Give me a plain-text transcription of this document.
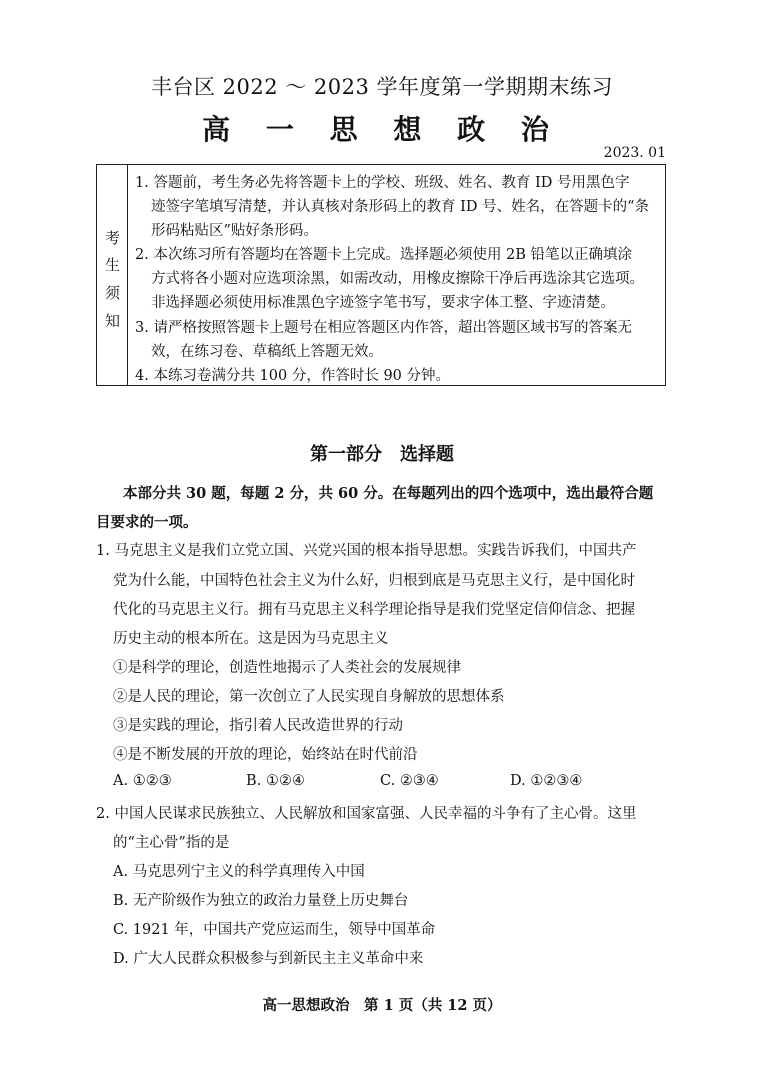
丰台区 2022 ～ 2023 学年度第一学期期末练习
高 一 思 想 政 治
2023. 01
考
生
须
知
1. 答题前，考生务必先将答题卡上的学校、班级、姓名、教育 ID 号用黑色字
迹签字笔填写清楚，并认真核对条形码上的教育 ID 号、姓名，在答题卡的“条
形码粘贴区”贴好条形码。
2. 本次练习所有答题均在答题卡上完成。选择题必须使用 2B 铅笔以正确填涂
方式将各小题对应选项涂黑，如需改动，用橡皮擦除干净后再选涂其它选项。
非选择题必须使用标准黑色字迹签字笔书写，要求字体工整、字迹清楚。
3. 请严格按照答题卡上题号在相应答题区内作答，超出答题区域书写的答案无
效，在练习卷、草稿纸上答题无效。
4. 本练习卷满分共 100 分，作答时长 90 分钟。
第一部分　选择题
本部分共 30 题，每题 2 分，共 60 分。在每题列出的四个选项中，选出最符合题
目要求的一项。
1. 马克思主义是我们立党立国、兴党兴国的根本指导思想。实践告诉我们，中国共产
党为什么能，中国特色社会主义为什么好，归根到底是马克思主义行，是中国化时
代化的马克思主义行。拥有马克思主义科学理论指导是我们党坚定信仰信念、把握
历史主动的根本所在。这是因为马克思主义
①是科学的理论，创造性地揭示了人类社会的发展规律
②是人民的理论，第一次创立了人民实现自身解放的思想体系
③是实践的理论，指引着人民改造世界的行动
④是不断发展的开放的理论，始终站在时代前沿
A. ①②③	B. ①②④	C. ②③④	D. ①②③④
2. 中国人民谋求民族独立、人民解放和国家富强、人民幸福的斗争有了主心骨。这里
的“主心骨”指的是
A. 马克思列宁主义的科学真理传入中国
B. 无产阶级作为独立的政治力量登上历史舞台
C. 1921 年，中国共产党应运而生，领导中国革命
D. 广大人民群众积极参与到新民主主义革命中来
高一思想政治　第 1 页（共 12 页）
